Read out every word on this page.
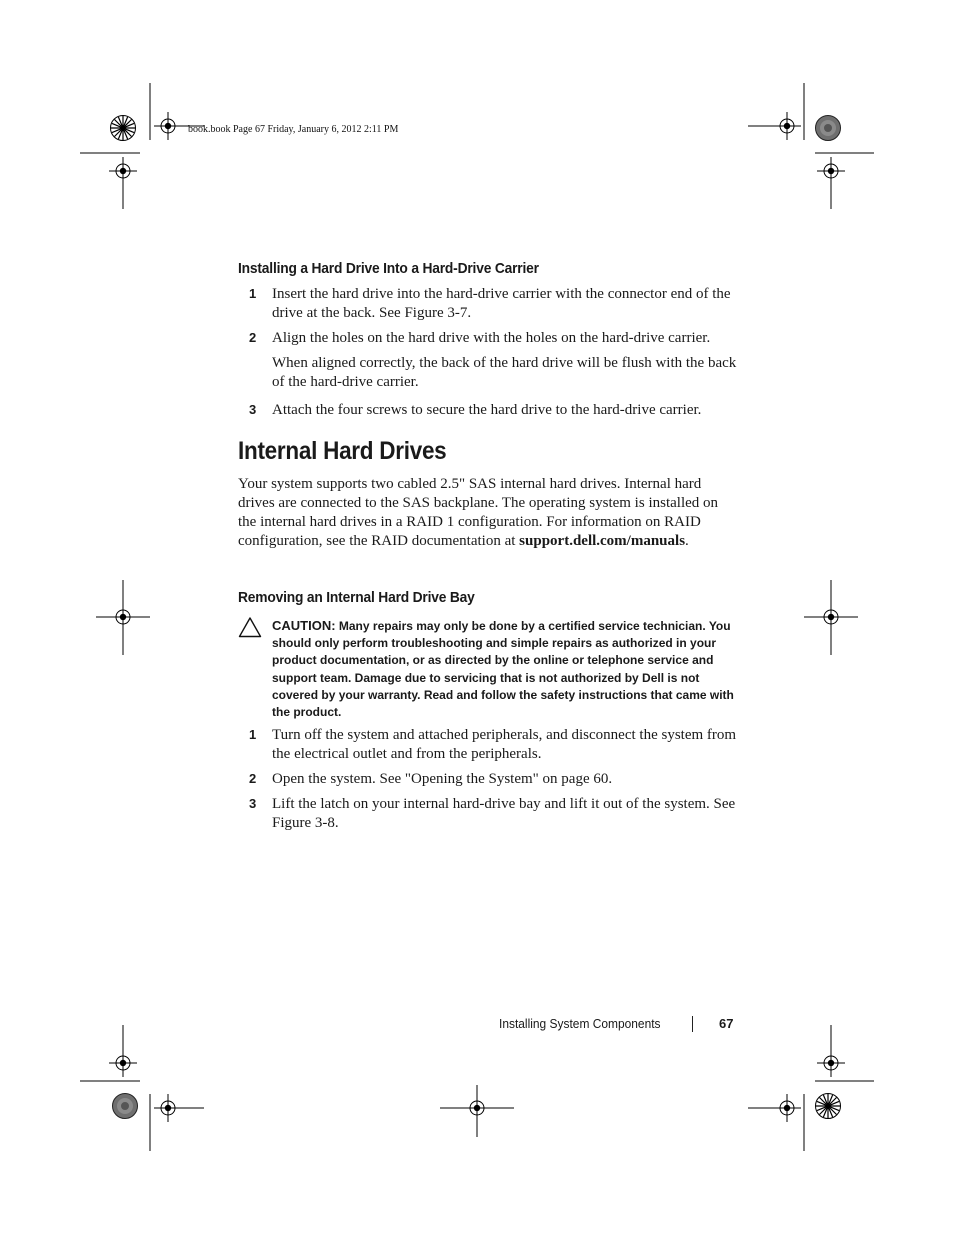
book.book Page 67 Friday, January 6, 2012 2:11 PM
Installing a Hard Drive Into a Hard-Drive Carrier
1 Insert the hard drive into the hard-drive carrier with the connector end of the drive at the back. See Figure 3-7.
2 Align the holes on the hard drive with the holes on the hard-drive carrier.
When aligned correctly, the back of the hard drive will be flush with the back of the hard-drive carrier.
3 Attach the four screws to secure the hard drive to the hard-drive carrier.
Internal Hard Drives
Your system supports two cabled 2.5" SAS internal hard drives. Internal hard drives are connected to the SAS backplane. The operating system is installed on the internal hard drives in a RAID 1 configuration. For information on RAID configuration, see the RAID documentation at support.dell.com/manuals.
Removing an Internal Hard Drive Bay
CAUTION: Many repairs may only be done by a certified service technician. You should only perform troubleshooting and simple repairs as authorized in your product documentation, or as directed by the online or telephone service and support team. Damage due to servicing that is not authorized by Dell is not covered by your warranty. Read and follow the safety instructions that came with the product.
1 Turn off the system and attached peripherals, and disconnect the system from the electrical outlet and from the peripherals.
2 Open the system. See "Opening the System" on page 60.
3 Lift the latch on your internal hard-drive bay and lift it out of the system. See Figure 3-8.
Installing System Components	67
